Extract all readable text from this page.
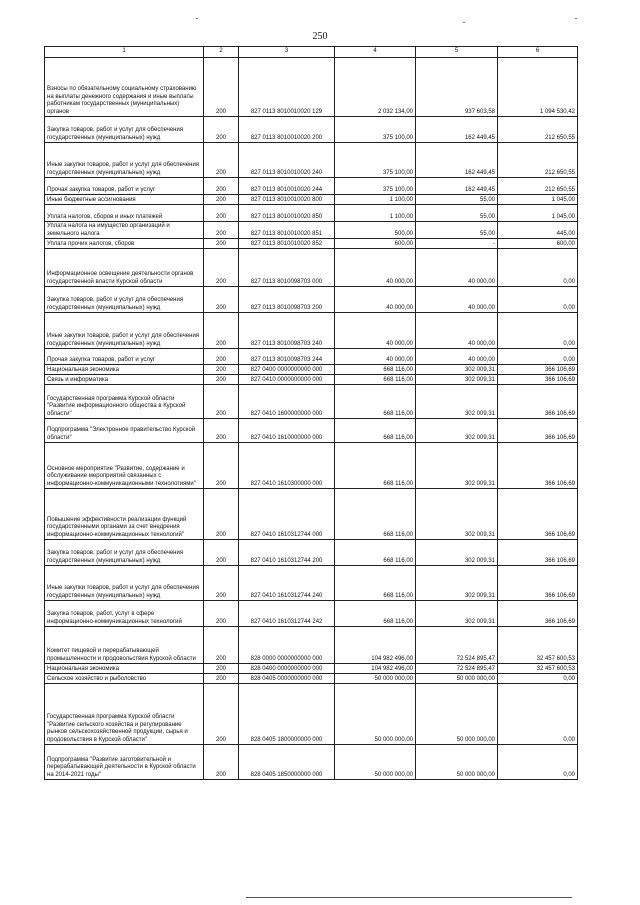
250
1	2	3	4	5	6
Взносы по обязательному социальному страхованию на выплаты денежного содержания и иные выплаты работникам государственных (муниципальных) органов	200	827 0113 8010010020 129	2 032 134,00	937 603,58	1 094 530,42
Закупка товаров, работ и услуг для обеспечения государственных (муниципальных) нужд	200	827 0113 8010010020 200	375 100,00	162 449,45	212 650,55
Иные закупки товаров, работ и услуг для обеспечения государственных (муниципальных) нужд	200	827 0113 8010010020 240	375 100,00	162 449,45	212 650,55
Прочая закупка товаров, работ и услуг	200	827 0113 8010010020 244	375 100,00	162 449,45	212 650,55
Иные бюджетные ассигнования	200	827 0113 8010010020 800	1 100,00	55,00	1 045,00
Уплата налогов, сборов и иных платежей	200	827 0113 8010010020 850	1 100,00	55,00	1 045,00
Уплата налога на имущество организаций и земельного налога	200	827 0113 8010010020 851	500,00	55,00	445,00
Уплата прочих налогов, сборов	200	827 0113 8010010020 852	600,00	-	600,00
Информационное освещение деятельности органов государственной власти Курской области	200	827 0113 8010098703 000	40 000,00	40 000,00	0,00
Закупка товаров, работ и услуг для обеспечения государственных (муниципальных) нужд	200	827 0113 8010098703 200	40 000,00	40 000,00	0,00
Иные закупки товаров, работ и услуг для обеспечения государственных (муниципальных) нужд	200	827 0113 8010098703 240	40 000,00	40 000,00	0,00
Прочая закупка товаров, работ и услуг	200	827 0113 8010098703 244	40 000,00	40 000,00	0,00
Национальная экономика	200	827 0400 0000000000 000	668 116,00	302 009,31	366 106,69
Связь и информатика	200	827 0410 0000000000 000	668 116,00	302 009,31	366 106,69
Государственная программа Курской области "Развитие информационного общества в Курской области"	200	827 0410 1600000000 000	668 116,00	302 009,31	366 106,69
Подпрограмма "Электронное правительство Курской области"	200	827 0410 1610000000 000	668 116,00	302 009,31	366 106,69
Основное мероприятие "Развитие, содержание и обслуживание мероприятий связанных с информационно-коммуникационными технологиями"	200	827 0410 1610300000 000	668 116,00	302 009,31	366 106,69
Повышение эффективности реализации функций государственными органами за счет внедрения информационно-коммуникационных технологий"	200	827 0410 1610312744 000	668 116,00	302 009,31	366 106,69
Закупка товаров, работ и услуг для обеспечения государственных (муниципальных) нужд	200	827 0410 1610312744 200	668 116,00	302 009,31	366 106,69
Иные закупки товаров, работ и услуг для обеспечения государственных (муниципальных) нужд	200	827 0410 1610312744 240	668 116,00	302 009,31	366 106,69
Закупка товаров, работ, услуг в сфере информационно-коммуникационных технологий	200	827 0410 1610312744 242	668 116,00	302 009,31	366 106,69
Комитет пищевой и перерабатывающей промышленности и продовольствия Курской области	200	828 0000 0000000000 000	104 982 496,00	72 524 895,47	32 457 600,53
Национальная экономика	200	828 0400 0000000000 000	104 982 496,00	72 524 895,47	32 457 600,53
Сельское хозяйство и рыболовство	200	828 0405 0000000000 000	50 000 000,00	50 000 000,00	0,00
Государственная программа Курской области "Развитие сельского хозяйства и регулирование рынков сельскохозяйственной продукции, сырья и продовольствия в Курской области"	200	828 0405 1800000000 000	50 000 000,00	50 000 000,00	0,00
Подпрограмма "Развитие заготовительной и перерабатывающей деятельности в Курской области на 2014-2021 годы"	200	828 0405 1850000000 000	50 000 000,00	50 000 000,00	0,00
